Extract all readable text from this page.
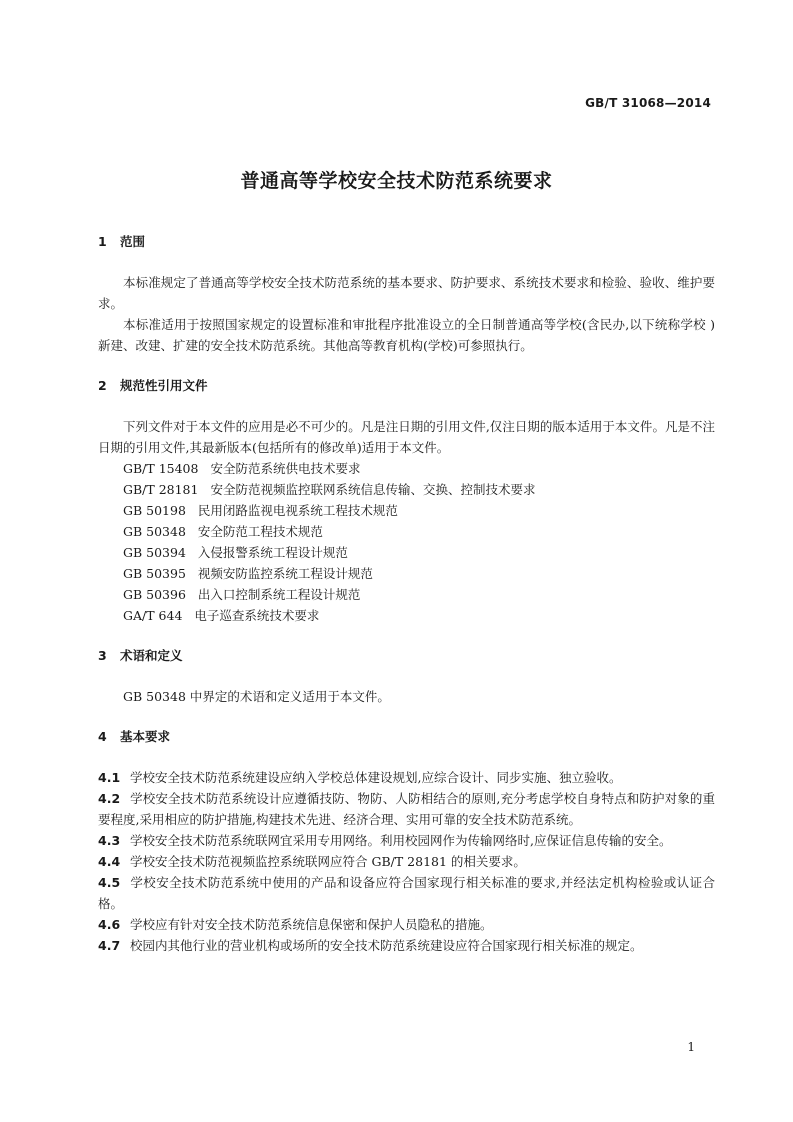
GB/T 31068—2014
普通高等学校安全技术防范系统要求
1 范围

本标准规定了普通高等学校安全技术防范系统的基本要求、防护要求、系统技术要求和检验、验收、维护要求。

本标准适用于按照国家规定的设置标准和审批程序批准设立的全日制普通高等学校(含民办,以下统称学校 )新建、改建、扩建的安全技术防范系统。其他高等教育机构(学校)可参照执行。

2 规范性引用文件

下列文件对于本文件的应用是必不可少的。凡是注日期的引用文件,仅注日期的版本适用于本文件。凡是不注日期的引用文件,其最新版本(包括所有的修改单)适用于本文件。

GB/T 15408 安全防范系统供电技术要求
GB/T 28181 安全防范视频监控联网系统信息传输、交换、控制技术要求
GB 50198 民用闭路监视电视系统工程技术规范
GB 50348 安全防范工程技术规范
GB 50394 入侵报警系统工程设计规范
GB 50395 视频安防监控系统工程设计规范
GB 50396 出入口控制系统工程设计规范
GA/T 644 电子巡查系统技术要求
3 术语和定义

GB 50348 中界定的术语和定义适用于本文件。

4 基本要求

4.1 学校安全技术防范系统建设应纳入学校总体建设规划,应综合设计、同步实施、独立验收。

4.2 学校安全技术防范系统设计应遵循技防、物防、人防相结合的原则,充分考虑学校自身特点和防护对象的重要程度,采用相应的防护措施,构建技术先进、经济合理、实用可靠的安全技术防范系统。

4.3 学校安全技术防范系统联网宜采用专用网络。利用校园网作为传输网络时,应保证信息传输的安全。

4.4 学校安全技术防范视频监控系统联网应符合 GB/T 28181 的相关要求。

4.5 学校安全技术防范系统中使用的产品和设备应符合国家现行相关标准的要求,并经法定机构检验或认证合格。

4.6 学校应有针对安全技术防范系统信息保密和保护人员隐私的措施。

4.7 校园内其他行业的营业机构或场所的安全技术防范系统建设应符合国家现行相关标准的规定。

1
